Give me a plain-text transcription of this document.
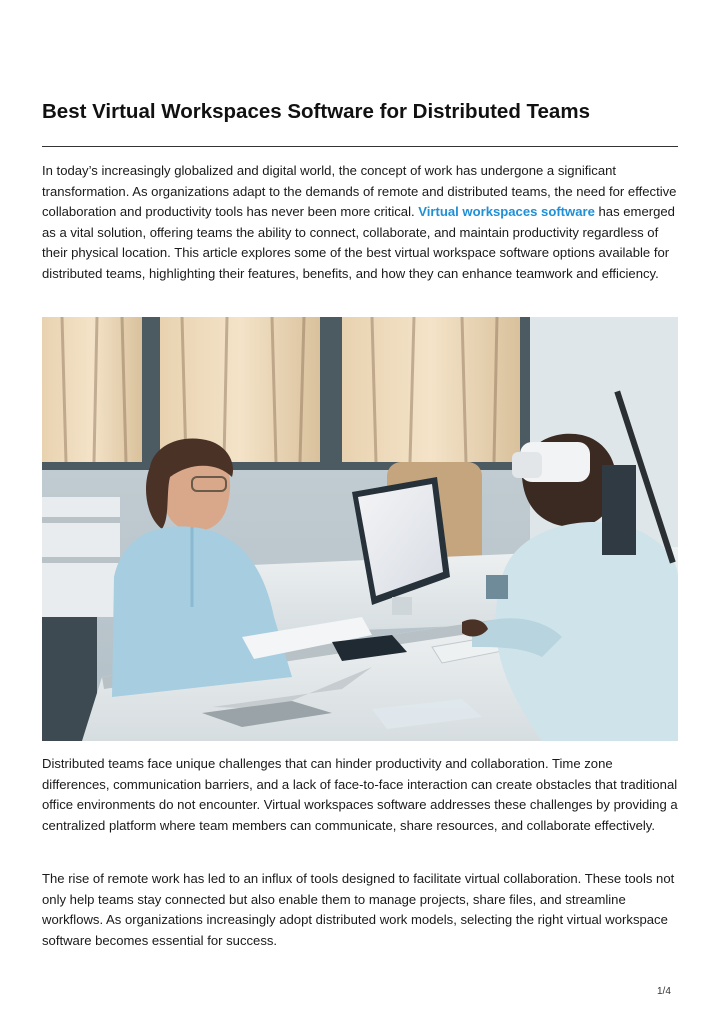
Best Virtual Workspaces Software for Distributed Teams

In today’s increasingly globalized and digital world, the concept of work has undergone a significant transformation. As organizations adapt to the demands of remote and distributed teams, the need for effective collaboration and productivity tools has never been more critical. Virtual workspaces software has emerged as a vital solution, offering teams the ability to connect, collaborate, and maintain productivity regardless of their physical location. This article explores some of the best virtual workspace software options available for distributed teams, highlighting their features, benefits, and how they can enhance teamwork and efficiency.

Distributed teams face unique challenges that can hinder productivity and collaboration. Time zone differences, communication barriers, and a lack of face-to-face interaction can create obstacles that traditional office environments do not encounter. Virtual workspaces software addresses these challenges by providing a centralized platform where team members can communicate, share resources, and collaborate effectively.

The rise of remote work has led to an influx of tools designed to facilitate virtual collaboration. These tools not only help teams stay connected but also enable them to manage projects, share files, and streamline workflows. As organizations increasingly adopt distributed work models, selecting the right virtual workspace software becomes essential for success.

1/4
